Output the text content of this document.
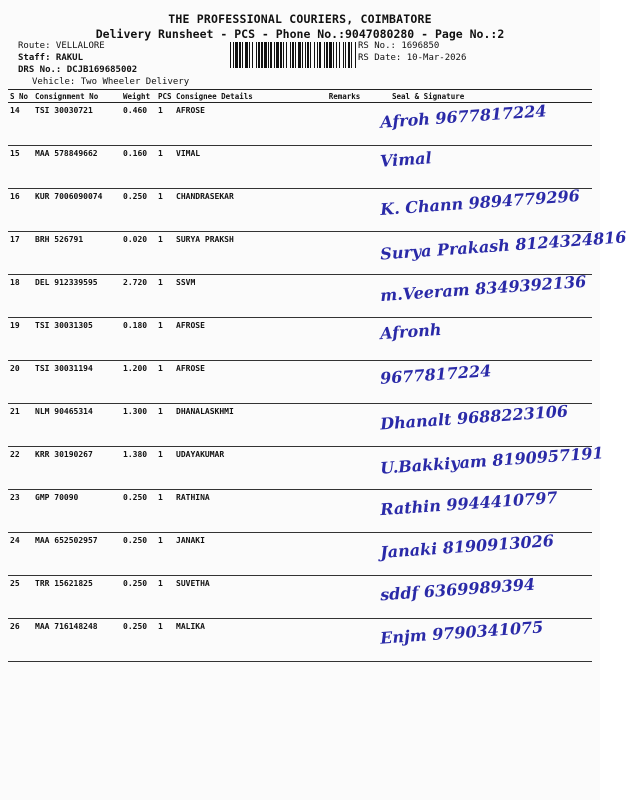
THE PROFESSIONAL COURIERS, COIMBATORE
Delivery Runsheet - PCS - Phone No.:9047080280 - Page No.:2
Route: VELLALORE
Staff: RAKUL
DRS No.: DCJB169685002
Vehicle: Two Wheeler Delivery
RS No.: 1696850
RS Date: 10-Mar-2026
S No	Consignment No	Weight	PCS	Consignee Details	Remarks	Seal & Signature
14	TSI 30030721	0.460	1	AFROSE		Afroh 9677817224

15	MAA 578849662	0.160	1	VIMAL		Vimal

16	KUR 7006090074	0.250	1	CHANDRASEKAR		K. Chann 9894779296

17	BRH 526791	0.020	1	SURYA PRAKSH		Surya Prakash 8124324816

18	DEL 912339595	2.720	1	SSVM		m.Veeram 8349392136

19	TSI 30031305	0.180	1	AFROSE		Afronh

20	TSI 30031194	1.200	1	AFROSE		9677817224

21	NLM 90465314	1.300	1	DHANALASKHMI		Dhanalt 9688223106

22	KRR 30190267	1.380	1	UDAYAKUMAR		U.Bakkiyam 8190957191

23	GMP 70090	0.250	1	RATHINA		Rathin 9944410797

24	MAA 652502957	0.250	1	JANAKI		Janaki 8190913026

25	TRR 15621825	0.250	1	SUVETHA		sddf 6369989394

26	MAA 716148248	0.250	1	MALIKA		Enjm 9790341075
